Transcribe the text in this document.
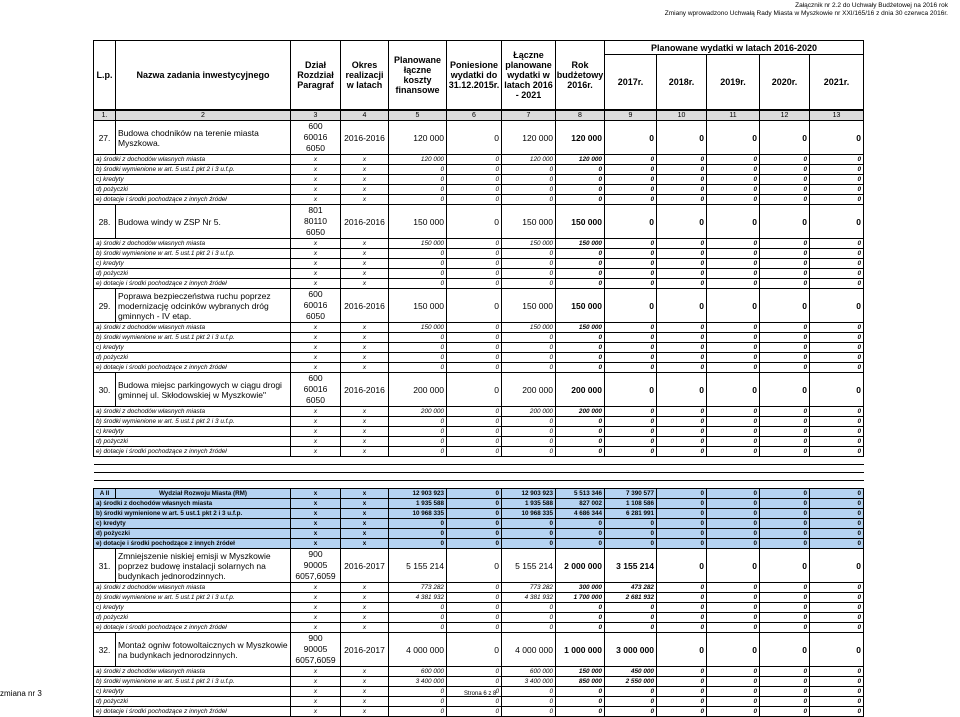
Załącznik nr 2.2 do Uchwały Budżetowej na 2016 rok
Zmiany wprowadzono Uchwałą Rady Miasta w Myszkowie nr XXI/165/16 z dnia 30 czerwca 2016r.
L.p.	Nazwa zadania inwestycyjnego	Dział Rozdział Paragraf	Okres realizacji w latach	Planowane łączne koszty finansowe	Poniesione wydatki do 31.12.2015r.	Łączne planowane wydatki w latach 2016 - 2021	Rok budżetowy 2016r.	Planowane wydatki w latach 2016-2020				
								2017r.	2018r.	2019r.	2020r.	2021r.
1.	2	3	4	5	6	7	8	9	10	11	12	13
27.	Budowa chodników na terenie miasta Myszkowa.	600
60016
6050	2016-2016	120 000	0	120 000	120 000	0	0	0	0	0
a) środki z dochodów własnych miasta		x	x	120 000	0	120 000	120 000	0	0	0	0	0
b) środki wymienione w art. 5 ust.1 pkt 2 i 3 u.f.p.		x	x	0	0	0	0	0	0	0	0	0
c) kredyty		x	x	0	0	0	0	0	0	0	0	0
d) pożyczki		x	x	0	0	0	0	0	0	0	0	0
e) dotacje i środki pochodzące z innych źródeł		x	x	0	0	0	0	0	0	0	0	0
28.	Budowa windy w ZSP Nr 5.	801
80110
6050	2016-2016	150 000	0	150 000	150 000	0	0	0	0	0
a) środki z dochodów własnych miasta		x	x	150 000	0	150 000	150 000	0	0	0	0	0
b) środki wymienione w art. 5 ust.1 pkt 2 i 3 u.f.p.		x	x	0	0	0	0	0	0	0	0	0
c) kredyty		x	x	0	0	0	0	0	0	0	0	0
d) pożyczki		x	x	0	0	0	0	0	0	0	0	0
e) dotacje i środki pochodzące z innych źródeł		x	x	0	0	0	0	0	0	0	0	0
29.	Poprawa bezpieczeństwa ruchu poprzez modernizację odcinków wybranych dróg gminnych - IV etap.	600
60016
6050	2016-2016	150 000	0	150 000	150 000	0	0	0	0	0
a) środki z dochodów własnych miasta		x	x	150 000	0	150 000	150 000	0	0	0	0	0
b) środki wymienione w art. 5 ust.1 pkt 2 i 3 u.f.p.		x	x	0	0	0	0	0	0	0	0	0
c) kredyty		x	x	0	0	0	0	0	0	0	0	0
d) pożyczki		x	x	0	0	0	0	0	0	0	0	0
e) dotacje i środki pochodzące z innych źródeł		x	x	0	0	0	0	0	0	0	0	0
30.	Budowa miejsc parkingowych w ciągu drogi gminnej ul. Skłodowskiej w Myszkowie"	600
60016
6050	2016-2016	200 000	0	200 000	200 000	0	0	0	0	0
a) środki z dochodów własnych miasta		x	x	200 000	0	200 000	200 000	0	0	0	0	0
b) środki wymienione w art. 5 ust.1 pkt 2 i 3 u.f.p.		x	x	0	0	0	0	0	0	0	0	0
c) kredyty		x	x	0	0	0	0	0	0	0	0	0
d) pożyczki		x	x	0	0	0	0	0	0	0	0	0
e) dotacje i środki pochodzące z innych źródeł		x	x	0	0	0	0	0	0	0	0	0

A II	Wydział Rozwoju Miasta (RM)	x	x	12 903 923	0	12 903 923	5 513 346	7 390 577	0	0	0	0
a) środki z dochodów własnych miasta		x	x	1 935 588	0	1 935 588	827 002	1 108 586	0	0	0	0
b) środki wymienione w art. 5 ust.1 pkt 2 i 3 u.f.p.		x	x	10 968 335	0	10 968 335	4 686 344	6 281 991	0	0	0	0
c) kredyty		x	x	0	0	0	0	0	0	0	0	0
d) pożyczki		x	x	0	0	0	0	0	0	0	0	0
e) dotacje i środki pochodzące z innych źródeł		x	x	0	0	0	0	0	0	0	0	0
31.	Zmniejszenie niskiej emisji w Myszkowie poprzez budowę instalacji solarnych na budynkach jednorodzinnych.	900
90005
6057,6059	2016-2017	5 155 214	0	5 155 214	2 000 000	3 155 214	0	0	0	0
a) środki z dochodów własnych miasta		x	x	773 282	0	773 282	300 000	473 282	0	0	0	0
b) środki wymienione w art. 5 ust.1 pkt 2 i 3 u.f.p.		x	x	4 381 932	0	4 381 932	1 700 000	2 681 932	0	0	0	0
c) kredyty		x	x	0	0	0	0	0	0	0	0	0
d) pożyczki		x	x	0	0	0	0	0	0	0	0	0
e) dotacje i środki pochodzące z innych źródeł		x	x	0	0	0	0	0	0	0	0	0
32.	Montaż ogniw fotowoltaicznych w Myszkowie na budynkach jednorodzinnych.	900
90005
6057,6059	2016-2017	4 000 000	0	4 000 000	1 000 000	3 000 000	0	0	0	0
a) środki z dochodów własnych miasta		x	x	600 000	0	600 000	150 000	450 000	0	0	0	0
b) środki wymienione w art. 5 ust.1 pkt 2 i 3 u.f.p.		x	x	3 400 000	0	3 400 000	850 000	2 550 000	0	0	0	0
c) kredyty		x	x	0	0	0	0	0	0	0	0	0
d) pożyczki		x	x	0	0	0	0	0	0	0	0	0
e) dotacje i środki pochodzące z innych źródeł		x	x	0	0	0	0	0	0	0	0	0
zmiana nr 3	Strona 6 z 8
